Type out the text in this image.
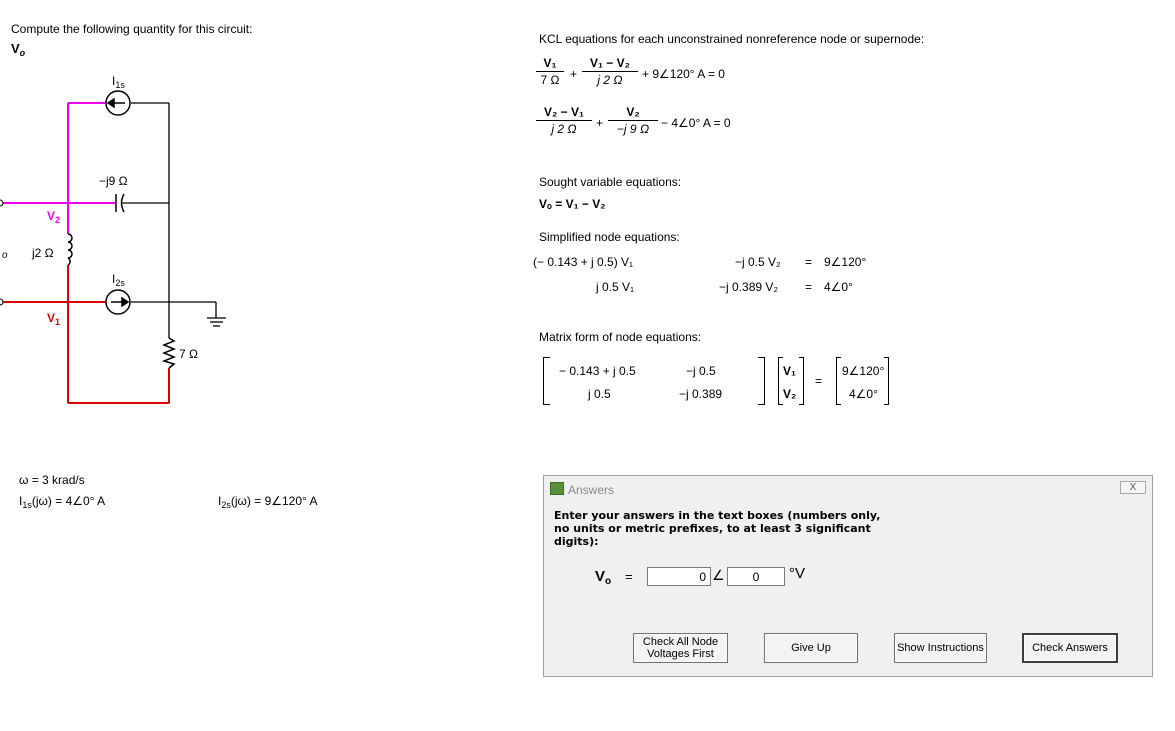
Compute the following quantity for this circuit:
$V_o$
$I_{1s}$
$I_{2s}$
−j9 Ω
j2 Ω
7 Ω
$V_2$
$V_1$
o
ω = 3 krad/s
$I_{1s}(j\omega)$ = 4∠0° A	$I_{2s}(j\omega)$ = 9∠120° A
KCL equations for each unconstrained nonreference node or supernode:
V₁
7 Ω +
V₁ − V₂
j 2 Ω	+ 9∠120° A = 0
V₂ − V₁
j 2 Ω	+
V₂
−j 9 Ω − 4∠0° A = 0
Sought variable equations:
Vₒ = V₁ − V₂
Simplified node equations:
(− 0.143 + j 0.5) V₁	−j 0.5 V₂ = 9∠120°
j 0.5 V₁	−j 0.389 V₂ = 4∠0°
Matrix form of node equations:
− 0.143 + j 0.5	−j 0.5
j 0.5	−j 0.389
V₁
V₂
=
9∠120°
4∠0°
Answers	X
Enter your answers in the text boxes (numbers only, no units or metric prefixes, to at least 3 significant digits):
$V_o$ =
0	∠
0	°V
Check All Node Voltages First	Give Up	Show Instructions	Check Answers
